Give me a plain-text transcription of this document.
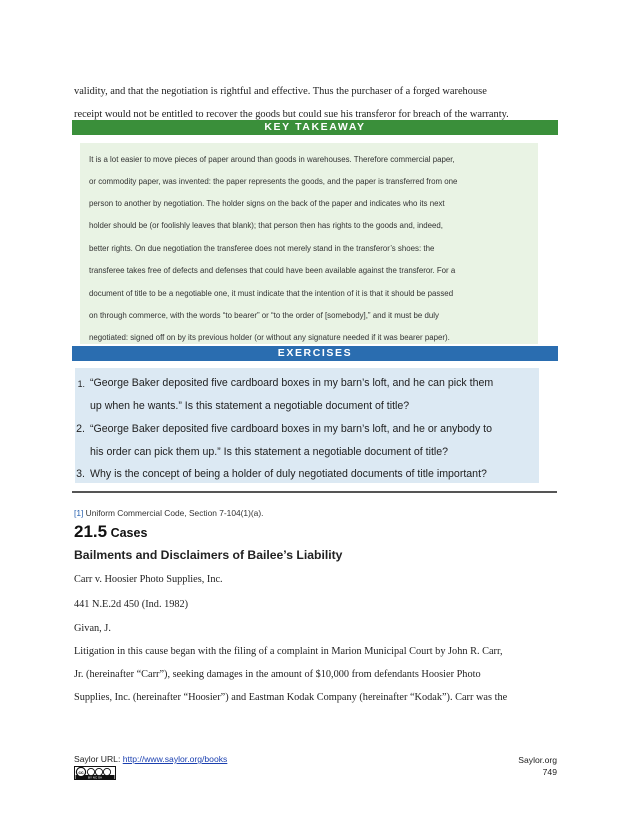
validity, and that the negotiation is rightful and effective. Thus the purchaser of a forged warehouse
receipt would not be entitled to recover the goods but could sue his transferor for breach of the warranty.
KEY TAKEAWAY
It is a lot easier to move pieces of paper around than goods in warehouses. Therefore commercial paper,
or commodity paper, was invented: the paper represents the goods, and the paper is transferred from one
person to another by negotiation. The holder signs on the back of the paper and indicates who its next
holder should be (or foolishly leaves that blank); that person then has rights to the goods and, indeed,
better rights. On due negotiation the transferee does not merely stand in the transferor’s shoes: the
transferee takes free of defects and defenses that could have been available against the transferor. For a
document of title to be a negotiable one, it must indicate that the intention of it is that it should be passed
on through commerce, with the words “to bearer” or “to the order of [somebody],” and it must be duly
negotiated: signed off on by its previous holder (or without any signature needed if it was bearer paper).
EXERCISES
1. “George Baker deposited five cardboard boxes in my barn’s loft, and he can pick them
up when he wants.” Is this statement a negotiable document of title?
2. “George Baker deposited five cardboard boxes in my barn’s loft, and he or anybody to
his order can pick them up.” Is this statement a negotiable document of title?
3. Why is the concept of being a holder of duly negotiated documents of title important?
[1] Uniform Commercial Code, Section 7-104(1)(a).
21.5 Cases
Bailments and Disclaimers of Bailee’s Liability
Carr v. Hoosier Photo Supplies, Inc.
441 N.E.2d 450 (Ind. 1982)
Givan, J.
Litigation in this cause began with the filing of a complaint in Marion Municipal Court by John R. Carr,
Jr. (hereinafter “Carr”), seeking damages in the amount of $10,000 from defendants Hoosier Photo
Supplies, Inc. (hereinafter “Hoosier”) and Eastman Kodak Company (hereinafter “Kodak”). Carr was the
Saylor URL: http://www.saylor.org/books	Saylor.org
749
cc
BY NC SA
